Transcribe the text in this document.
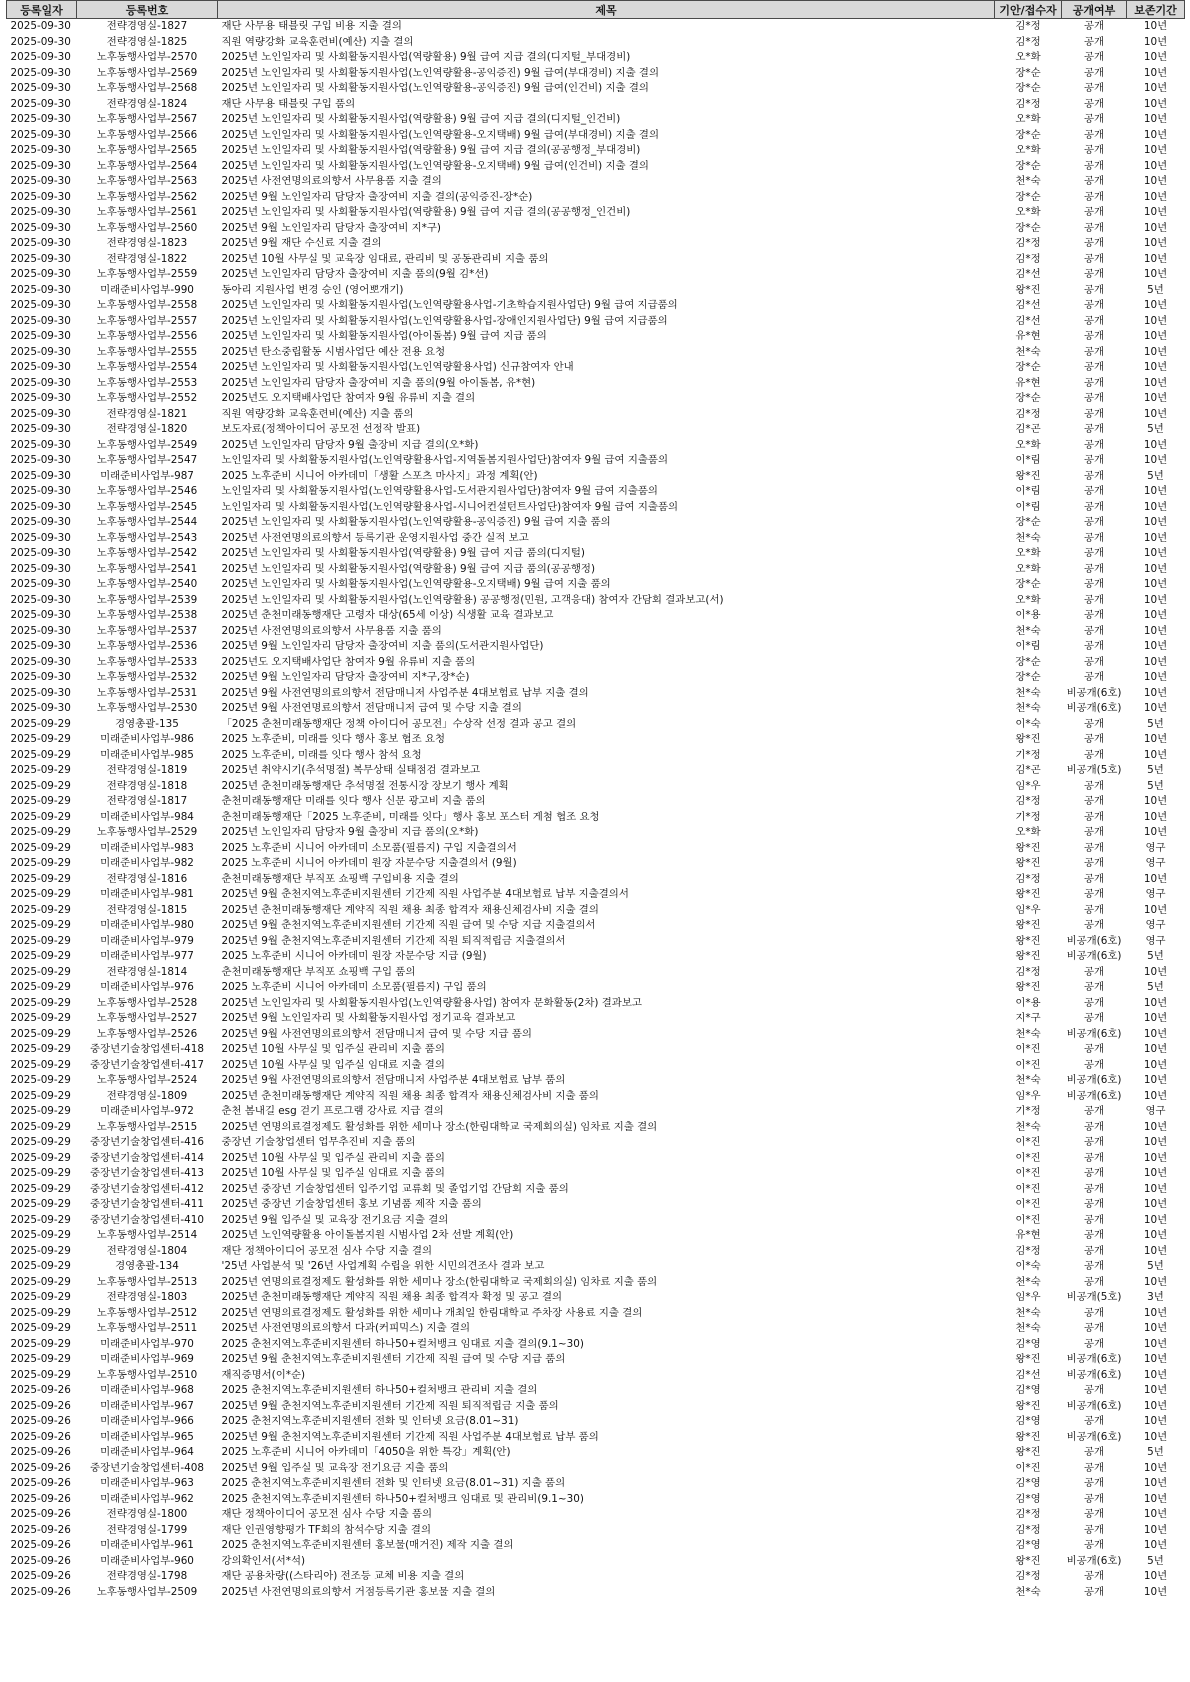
등록일자	등록번호	제목	기안/접수자	공개여부	보존기간
2025-09-30	전략경영실-1827	재단 사무용 태블릿 구입 비용 지출 결의	김*정	공개	10년
2025-09-30	전략경영실-1825	직원 역량강화 교육훈련비(예산) 지출 결의	김*정	공개	10년
2025-09-30	노후동행사업부-2570	2025년 노인일자리 및 사회활동지원사업(역량활용) 9월 급여 지급 결의(디지털_부대경비)	오*화	공개	10년
2025-09-30	노후동행사업부-2569	2025년 노인일자리 및 사회활동지원사업(노인역량활용-공익증진) 9월 급여(부대경비) 지출 결의	장*순	공개	10년
2025-09-30	노후동행사업부-2568	2025년 노인일자리 및 사회활동지원사업(노인역량활용-공익증진) 9월 급여(인건비) 지출 결의	장*순	공개	10년
2025-09-30	전략경영실-1824	재단 사무용 태블릿 구입 품의	김*정	공개	10년
2025-09-30	노후동행사업부-2567	2025년 노인일자리 및 사회활동지원사업(역량활용) 9월 급여 지급 결의(디지털_인건비)	오*화	공개	10년
2025-09-30	노후동행사업부-2566	2025년 노인일자리 및 사회활동지원사업(노인역량활용-오지택배) 9월 급여(부대경비) 지출 결의	장*순	공개	10년
2025-09-30	노후동행사업부-2565	2025년 노인일자리 및 사회활동지원사업(역량활용) 9월 급여 지급 결의(공공행정_부대경비)	오*화	공개	10년
2025-09-30	노후동행사업부-2564	2025년 노인일자리 및 사회활동지원사업(노인역량활용-오지택배) 9월 급여(인건비) 지출 결의	장*순	공개	10년
2025-09-30	노후동행사업부-2563	2025년 사전연명의료의향서 사무용품 지출 결의	천*숙	공개	10년
2025-09-30	노후동행사업부-2562	2025년 9월 노인일자리 담당자 출장여비 지출 결의(공익증진-장*순)	장*순	공개	10년
2025-09-30	노후동행사업부-2561	2025년 노인일자리 및 사회활동지원사업(역량활용) 9월 급여 지급 결의(공공행정_인건비)	오*화	공개	10년
2025-09-30	노후동행사업부-2560	2025년 9월 노인일자리 담당자 출장여비 지*구)	장*순	공개	10년
2025-09-30	전략경영실-1823	2025년 9월 재단 수신료 지출 결의	김*정	공개	10년
2025-09-30	전략경영실-1822	2025년 10월 사무실 및 교육장 임대료, 관리비 및 공동관리비 지출 품의	김*정	공개	10년
2025-09-30	노후동행사업부-2559	2025년 노인일자리 담당자 출장여비 지출 품의(9월 김*선)	김*선	공개	10년
2025-09-30	미래준비사업부-990	동아리 지원사업 변경 승인 (영어뽀개기)	왕*진	공개	5년
2025-09-30	노후동행사업부-2558	2025년 노인일자리 및 사회활동지원사업(노인역량활용사업-기초학습지원사업단) 9월 급여 지급품의	김*선	공개	10년
2025-09-30	노후동행사업부-2557	2025년 노인일자리 및 사회활동지원사업(노인역량활용사업-장애인지원사업단) 9월 급여 지급품의	김*선	공개	10년
2025-09-30	노후동행사업부-2556	2025년 노인일자리 및 사회활동지원사업(아이돌봄) 9월 급여 지급 품의	유*현	공개	10년
2025-09-30	노후동행사업부-2555	2025년 탄소중립활동 시범사업단 예산 전용 요청	천*숙	공개	10년
2025-09-30	노후동행사업부-2554	2025년 노인일자리 및 사회활동지원사업(노인역량활용사업) 신규참여자 안내	장*순	공개	10년
2025-09-30	노후동행사업부-2553	2025년 노인일자리 담당자 출장여비 지출 품의(9월 아이돌봄, 유*현)	유*현	공개	10년
2025-09-30	노후동행사업부-2552	2025년도 오지택배사업단 참여자 9월 유류비 지출 결의	장*순	공개	10년
2025-09-30	전략경영실-1821	직원 역량강화 교육훈련비(예산) 지출 품의	김*정	공개	10년
2025-09-30	전략경영실-1820	보도자료(정책아이디어 공모전 선정작 발표)	김*곤	공개	5년
2025-09-30	노후동행사업부-2549	2025년 노인일자리 담당자 9월 출장비 지급 결의(오*화)	오*화	공개	10년
2025-09-30	노후동행사업부-2547	노인일자리 및 사회활동지원사업(노인역량활용사업-지역돌봄지원사업단)참여자 9월 급여 지출품의	이*림	공개	10년
2025-09-30	미래준비사업부-987	2025 노후준비 시니어 아카데미「생활 스포츠 마사지」과정 계획(안)	왕*진	공개	5년
2025-09-30	노후동행사업부-2546	노인일자리 및 사회활동지원사업(노인역량활용사업-도서관지원사업단)참여자 9월 급여 지출품의	이*림	공개	10년
2025-09-30	노후동행사업부-2545	노인일자리 및 사회활동지원사업(노인역량활용사업-시니어컨설턴트사업단)참여자 9월 급여 지출품의	이*림	공개	10년
2025-09-30	노후동행사업부-2544	2025년 노인일자리 및 사회활동지원사업(노인역량활용-공익증진) 9월 급여 지출 품의	장*순	공개	10년
2025-09-30	노후동행사업부-2543	2025년 사전연명의료의향서 등록기관 운영지원사업 중간 실적 보고	천*숙	공개	10년
2025-09-30	노후동행사업부-2542	2025년 노인일자리 및 사회활동지원사업(역량활용) 9월 급여 지급 품의(디지털)	오*화	공개	10년
2025-09-30	노후동행사업부-2541	2025년 노인일자리 및 사회활동지원사업(역량활용) 9월 급여 지급 품의(공공행정)	오*화	공개	10년
2025-09-30	노후동행사업부-2540	2025년 노인일자리 및 사회활동지원사업(노인역량활용-오지택배) 9월 급여 지출 품의	장*순	공개	10년
2025-09-30	노후동행사업부-2539	2025년 노인일자리 및 사회활동지원사업(노인역량활용) 공공행정(민원, 고객응대) 참여자 간담회 결과보고(서)	오*화	공개	10년
2025-09-30	노후동행사업부-2538	2025년 춘천미래동행재단 고령자 대상(65세 이상) 식생활 교육 결과보고	이*용	공개	10년
2025-09-30	노후동행사업부-2537	2025년 사전연명의료의향서 사무용품 지출 품의	천*숙	공개	10년
2025-09-30	노후동행사업부-2536	2025년 9월 노인일자리 담당자 출장여비 지출 품의(도서관지원사업단)	이*림	공개	10년
2025-09-30	노후동행사업부-2533	2025년도 오지택배사업단 참여자 9월 유류비 지출 품의	장*순	공개	10년
2025-09-30	노후동행사업부-2532	2025년 9월 노인일자리 담당자 출장여비 지*구,장*순)	장*순	공개	10년
2025-09-30	노후동행사업부-2531	2025년 9월 사전연명의료의향서 전담매니저 사업주분 4대보험료 납부 지출 결의	천*숙	비공개(6호)	10년
2025-09-30	노후동행사업부-2530	2025년 9월 사전연명료의향서 전담매니저 급여 및 수당 지출 결의	천*숙	비공개(6호)	10년
2025-09-29	경영총괄-135	「2025 춘천미래동행재단 정책 아이디어 공모전」수상작 선정 결과 공고 결의	이*숙	공개	5년
2025-09-29	미래준비사업부-986	2025 노후준비, 미래를 잇다 행사 홍보 협조 요청	왕*진	공개	10년
2025-09-29	미래준비사업부-985	2025 노후준비, 미래를 잇다 행사 참석 요청	기*정	공개	10년
2025-09-29	전략경영실-1819	2025년 취약시기(추석명절) 복무상태 실태점검 결과보고	김*곤	비공개(5호)	5년
2025-09-29	전략경영실-1818	2025년 춘천미래동행재단 추석명절 전통시장 장보기 행사 계획	임*우	공개	5년
2025-09-29	전략경영실-1817	춘천미래동행재단 미래를 잇다 행사 신문 광고비 지출 품의	김*정	공개	10년
2025-09-29	미래준비사업부-984	춘천미래동행재단「2025 노후준비, 미래를 잇다」행사 홍보 포스터 게첨 협조 요청	기*정	공개	10년
2025-09-29	노후동행사업부-2529	2025년 노인일자리 담당자 9월 출장비 지급 품의(오*화)	오*화	공개	10년
2025-09-29	미래준비사업부-983	2025 노후준비 시니어 아카데미 소모품(필름지) 구입 지출결의서	왕*진	공개	영구
2025-09-29	미래준비사업부-982	2025 노후준비 시니어 아카데미 원장 자문수당 지출결의서 (9월)	왕*진	공개	영구
2025-09-29	전략경영실-1816	춘천미래동행재단 부직포 쇼핑백 구입비용 지출 결의	김*정	공개	10년
2025-09-29	미래준비사업부-981	2025년 9월 춘천지역노후준비지원센터 기간제 직원 사업주분 4대보험료 납부 지출결의서	왕*진	공개	영구
2025-09-29	전략경영실-1815	2025년 춘천미래동행재단 계약직 직원 채용 최종 합격자 채용신체검사비 지출 결의	임*우	공개	10년
2025-09-29	미래준비사업부-980	2025년 9월 춘천지역노후준비지원센터 기간제 직원 급여 및 수당 지급 지출결의서	왕*진	공개	영구
2025-09-29	미래준비사업부-979	2025년 9월 춘천지역노후준비지원센터 기간제 직원 퇴직적립금 지출결의서	왕*진	비공개(6호)	영구
2025-09-29	미래준비사업부-977	2025 노후준비 시니어 아카데미 원장 자문수당 지급 (9월)	왕*진	비공개(6호)	5년
2025-09-29	전략경영실-1814	춘천미래동행재단 부직포 쇼핑백 구입 품의	김*정	공개	10년
2025-09-29	미래준비사업부-976	2025 노후준비 시니어 아카데미 소모품(필름지) 구입 품의	왕*진	공개	5년
2025-09-29	노후동행사업부-2528	2025년 노인일자리 및 사회활동지원사업(노인역량활용사업) 참여자 문화활동(2차) 결과보고	이*용	공개	10년
2025-09-29	노후동행사업부-2527	2025년 9월 노인일자리 및 사회활동지원사업 정기교육 결과보고	지*구	공개	10년
2025-09-29	노후동행사업부-2526	2025년 9월 사전연명의료의향서 전담매니저 급여 및 수당 지급 품의	천*숙	비공개(6호)	10년
2025-09-29	중장년기술창업센터-418	2025년 10월 사무실 및 입주실 관리비 지출 품의	이*진	공개	10년
2025-09-29	중장년기술창업센터-417	2025년 10월 사무실 및 입주실 임대료 지출 결의	이*진	공개	10년
2025-09-29	노후동행사업부-2524	2025년 9월 사전연명의료의향서 전담매니저 사업주분 4대보험료 납부 품의	천*숙	비공개(6호)	10년
2025-09-29	전략경영실-1809	2025년 춘천미래동행재단 계약직 직원 채용 최종 합격자 채용신체검사비 지출 품의	임*우	비공개(6호)	10년
2025-09-29	미래준비사업부-972	춘천 봄내길 esg 걷기 프로그램 강사료 지급 결의	기*정	공개	영구
2025-09-29	노후동행사업부-2515	2025년 연명의료결정제도 활성화를 위한 세미나 장소(한림대학교 국제회의실) 임차료 지출 결의	천*숙	공개	10년
2025-09-29	중장년기술창업센터-416	중장년 기술창업센터 업무추진비 지출 품의	이*진	공개	10년
2025-09-29	중장년기술창업센터-414	2025년 10월 사무실 및 입주실 관리비 지출 품의	이*진	공개	10년
2025-09-29	중장년기술창업센터-413	2025년 10월 사무실 및 입주실 임대료 지출 품의	이*진	공개	10년
2025-09-29	중장년기술창업센터-412	2025년 중장년 기술창업센터 입주기업 교류회 및 졸업기업 간담회 지출 품의	이*진	공개	10년
2025-09-29	중장년기술창업센터-411	2025년 중장년 기술창업센터 홍보 기념품 제작 지출 품의	이*진	공개	10년
2025-09-29	중장년기술창업센터-410	2025년 9월 입주실 및 교육장 전기요금 지출 결의	이*진	공개	10년
2025-09-29	노후동행사업부-2514	2025년 노인역량활용 아이돌봄지원 시범사업 2차 선발 계획(안)	유*현	공개	10년
2025-09-29	전략경영실-1804	재단 정책아이디어 공모전 심사 수당 지출 결의	김*정	공개	10년
2025-09-29	경영총괄-134	'25년 사업분석 및 '26년 사업계획 수립을 위한 시민의견조사 결과 보고	이*숙	공개	5년
2025-09-29	노후동행사업부-2513	2025년 연명의료결정제도 활성화를 위한 세미나 장소(한림대학교 국제회의실) 임차료 지출 품의	천*숙	공개	10년
2025-09-29	전략경영실-1803	2025년 춘천미래동행재단 계약직 직원 채용 최종 합격자 확정 및 공고 결의	임*우	비공개(5호)	3년
2025-09-29	노후동행사업부-2512	2025년 연명의료결정제도 활성화를 위한 세미나 개최일 한림대학교 주차장 사용료 지출 결의	천*숙	공개	10년
2025-09-29	노후동행사업부-2511	2025년 사전연명의료의향서 다과(커피믹스) 지출 결의	천*숙	공개	10년
2025-09-29	미래준비사업부-970	2025 춘천지역노후준비지원센터 하나50+컬처뱅크 임대료 지출 결의(9.1~30)	김*영	공개	10년
2025-09-29	미래준비사업부-969	2025년 9월 춘천지역노후준비지원센터 기간제 직원 급여 및 수당 지급 품의	왕*진	비공개(6호)	10년
2025-09-29	노후동행사업부-2510	재직증명서(이*순)	김*선	비공개(6호)	10년
2025-09-26	미래준비사업부-968	2025 춘천지역노후준비지원센터 하나50+컬처뱅크 관리비 지출 결의	김*영	공개	10년
2025-09-26	미래준비사업부-967	2025년 9월 춘천지역노후준비지원센터 기간제 직원 퇴직적립금 지출 품의	왕*진	비공개(6호)	10년
2025-09-26	미래준비사업부-966	2025 춘천지역노후준비지원센터 전화 및 인터넷 요금(8.01~31)	김*영	공개	10년
2025-09-26	미래준비사업부-965	2025년 9월 춘천지역노후준비지원센터 기간제 직원 사업주분 4대보험료 납부 품의	왕*진	비공개(6호)	10년
2025-09-26	미래준비사업부-964	2025 노후준비 시니어 아카데미「4050을 위한 특강」계획(안)	왕*진	공개	5년
2025-09-26	중장년기술창업센터-408	2025년 9월 입주실 및 교육장 전기요금 지출 품의	이*진	공개	10년
2025-09-26	미래준비사업부-963	2025 춘천지역노후준비지원센터 전화 및 인터넷 요금(8.01~31) 지출 품의	김*영	공개	10년
2025-09-26	미래준비사업부-962	2025 춘천지역노후준비지원센터 하나50+컬처뱅크 임대료 및 관리비(9.1~30)	김*영	공개	10년
2025-09-26	전략경영실-1800	재단 정책아이디어 공모전 심사 수당 지출 품의	김*정	공개	10년
2025-09-26	전략경영실-1799	재단 인권영향평가 TF회의 참석수당 지출 결의	김*정	공개	10년
2025-09-26	미래준비사업부-961	2025 춘천지역노후준비지원센터 홍보물(매거진) 제작 지출 결의	김*영	공개	10년
2025-09-26	미래준비사업부-960	강의확인서(서*석)	왕*진	비공개(6호)	5년
2025-09-26	전략경영실-1798	재단 공용차량((스타리아) 전조등 교체 비용 지출 결의	김*정	공개	10년
2025-09-26	노후동행사업부-2509	2025년 사전연명의료의향서 거점등록기관 홍보물 지출 결의	천*숙	공개	10년
